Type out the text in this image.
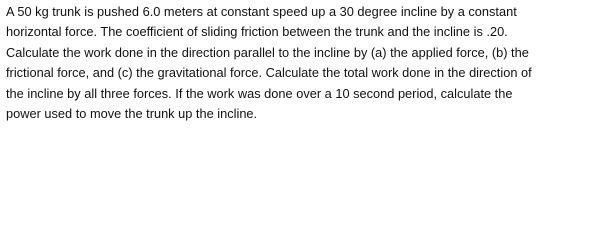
A 50 kg trunk is pushed 6.0 meters at constant speed up a 30 degree incline by a constant
horizontal force. The coefficient of sliding friction between the trunk and the incline is .20.
Calculate the work done in the direction parallel to the incline by (a) the applied force, (b) the
frictional force, and (c) the gravitational force. Calculate the total work done in the direction of
the incline by all three forces. If the work was done over a 10 second period, calculate the
power used to move the trunk up the incline.
